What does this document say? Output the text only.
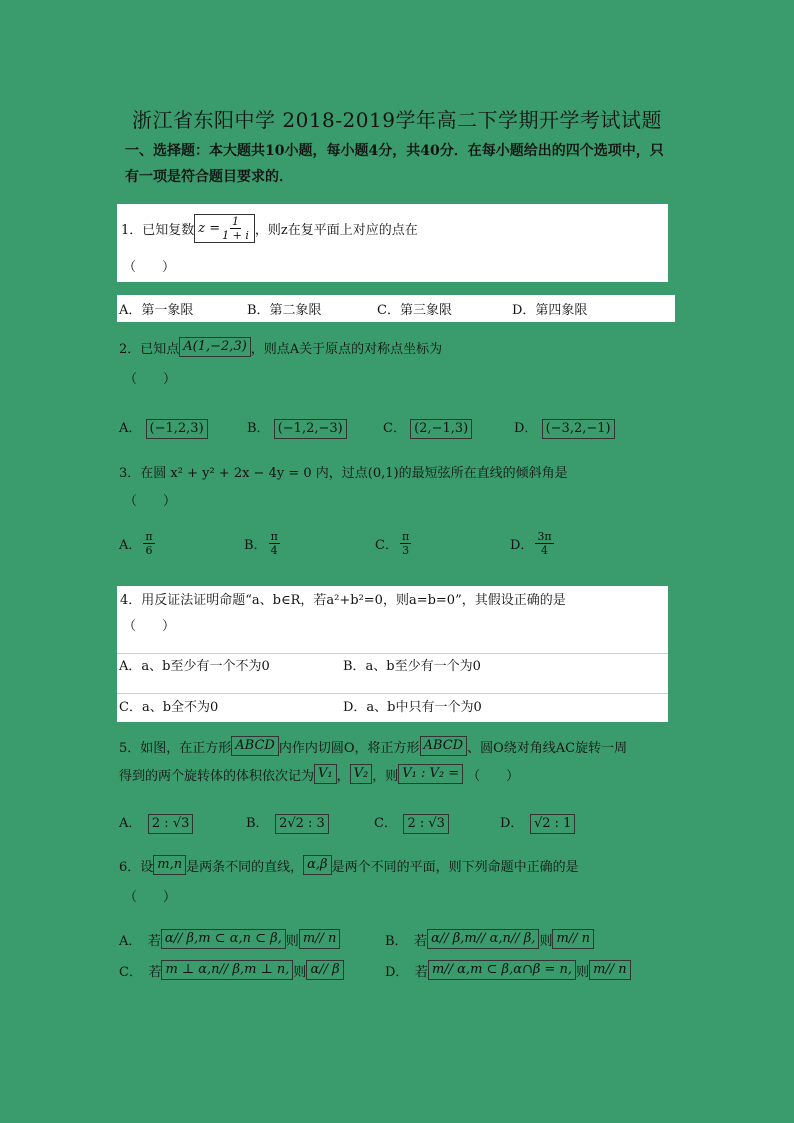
浙江省东阳中学 2018-2019学年高二下学期开学考试试题
一、选择题：本大题共10小题，每小题4分，共40分．在每小题给出的四个选项中，只
有一项是符合题目要求的．
1．已知复数 $z = \frac{1}{1 + i}$ ，则z在复平面上对应的点在
（　　）
A．第一象限	B．第二象限	C．第三象限	D．第四象限
2．已知点 A(1,−2,3) ，则点A关于原点的对称点坐标为
（　　）
A． (−1,2,3)	B． (−1,2,−3)	C． (2,−1,3)	D． (−3,2,−1)
3．在圆 x² + y² + 2x − 4y = 0 内，过点(0,1)的最短弦所在直线的倾斜角是
（　　）
A． $\frac{\pi}{6}$	B． $\frac{\pi}{4}$	C． $\frac{\pi}{3}$	D． $\frac{3\pi}{4}$
4．用反证法证明命题“a、b∈R，若a²+b²=0，则a=b=0”，其假设正确的是
（　　）
A．a、b至少有一个不为0	B．a、b至少有一个为0
C．a、b全不为0	D．a、b中只有一个为0
5．如图，在正方形 ABCD 内作内切圆O，将正方形 ABCD 、圆O绕对角线AC旋转一周
得到的两个旋转体的体积依次记为 V₁ ， V₂ ，则 V₁ : V₂ = （　　）
A．　 2 : √3	B．　 2√2 : 3	C．　 2 : √3	D．　 √2 : 1
6．设 m,n 是两条不同的直线， α,β 是两个不同的平面，则下列命题中正确的是
（　　）
A．　若 α// β,m ⊂ α,n ⊂ β, 则 m// n	B．　若 α// β,m// α,n// β, 则 m// n
C．　若 m ⊥ α,n// β,m ⊥ n, 则 α// β	D．　若 m// α,m ⊂ β,α∩β = n, 则 m// n
